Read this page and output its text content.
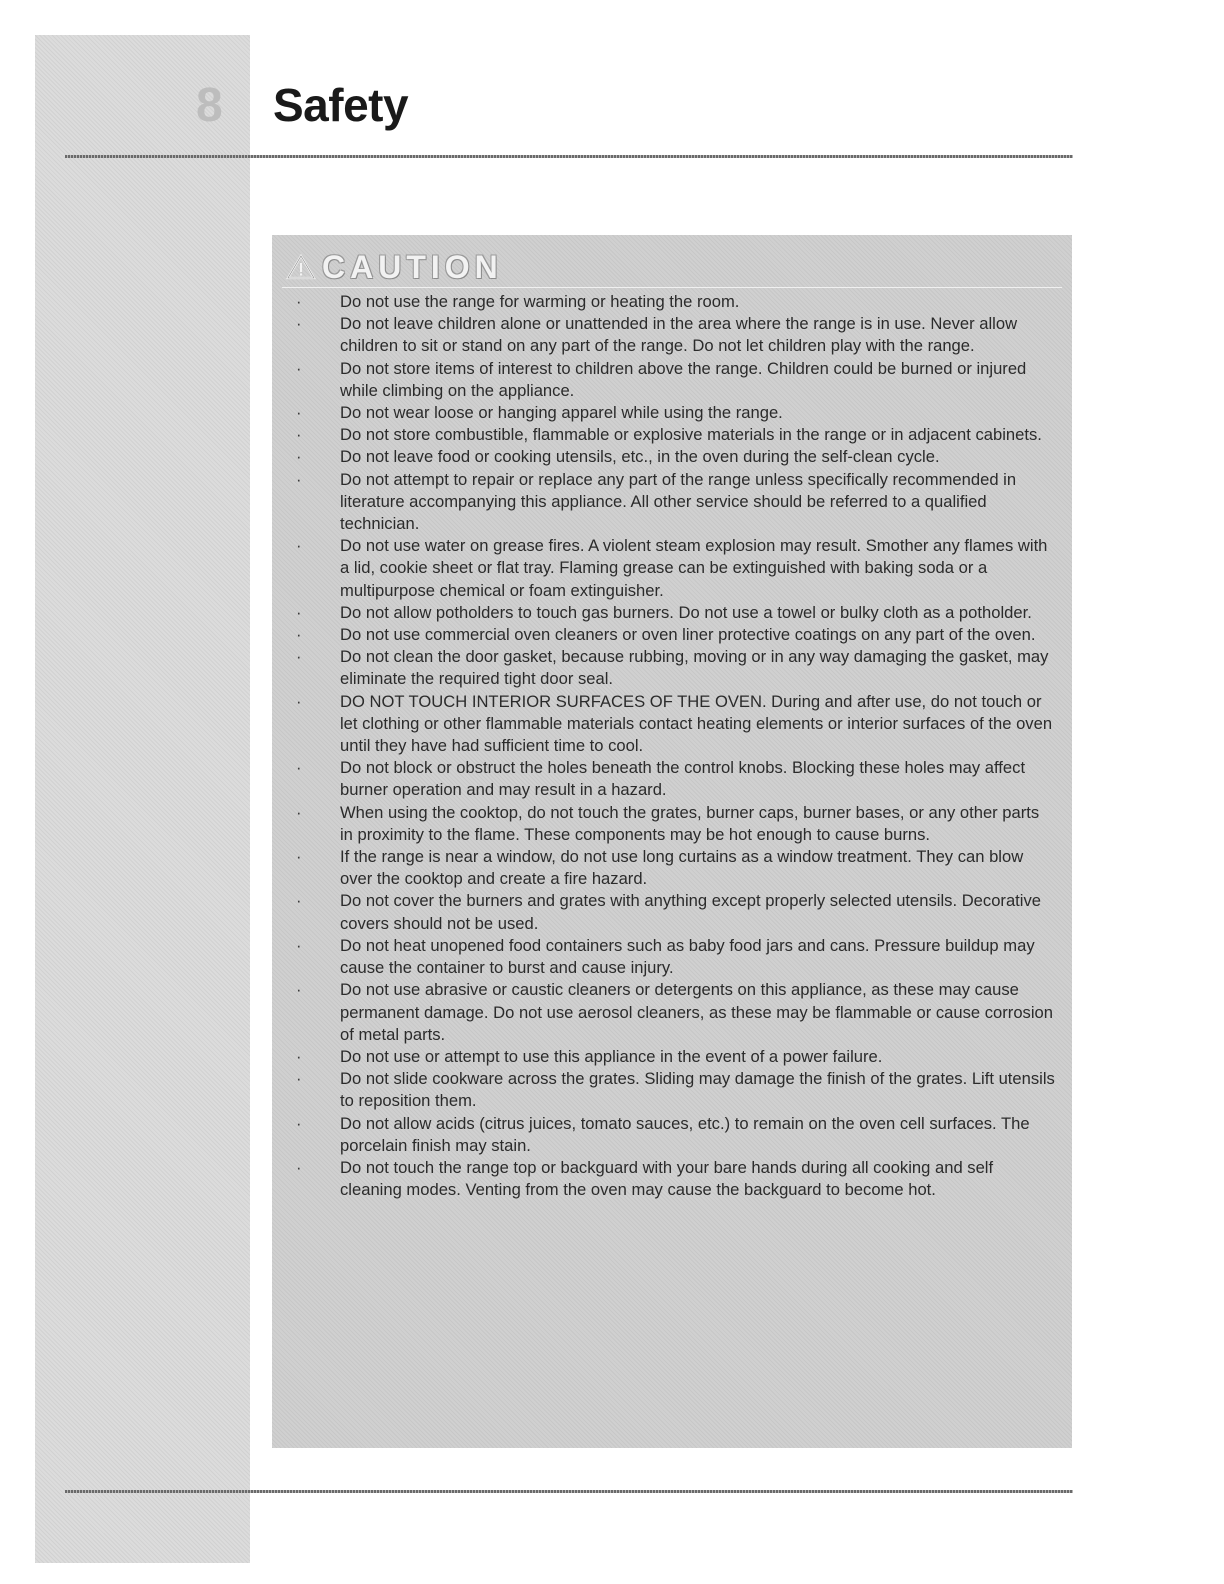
8 Safety
CAUTION
· Do not use the range for warming or heating the room.
· Do not leave children alone or unattended in the area where the range is in use. Never allow children to sit or stand on any part of the range. Do not let children play with the range.
· Do not store items of interest to children above the range. Children could be burned or injured while climbing on the appliance.
· Do not wear loose or hanging apparel while using the range.
· Do not store combustible, flammable or explosive materials in the range or in adjacent cabinets.
· Do not leave food or cooking utensils, etc., in the oven during the self-clean cycle.
· Do not attempt to repair or replace any part of the range unless specifically recommended in literature accompanying this appliance. All other service should be referred to a qualified technician.
· Do not use water on grease fires. A violent steam explosion may result. Smother any flames with a lid, cookie sheet or flat tray. Flaming grease can be extinguished with baking soda or a multipurpose chemical or foam extinguisher.
· Do not allow potholders to touch gas burners. Do not use a towel or bulky cloth as a potholder.
· Do not use commercial oven cleaners or oven liner protective coatings on any part of the oven.
· Do not clean the door gasket, because rubbing, moving or in any way damaging the gasket, may eliminate the required tight door seal.
· DO NOT TOUCH INTERIOR SURFACES OF THE OVEN. During and after use, do not touch or let clothing or other flammable materials contact heating elements or interior surfaces of the oven until they have had sufficient time to cool.
· Do not block or obstruct the holes beneath the control knobs. Blocking these holes may affect burner operation and may result in a hazard.
· When using the cooktop, do not touch the grates, burner caps, burner bases, or any other parts in proximity to the flame. These components may be hot enough to cause burns.
· If the range is near a window, do not use long curtains as a window treatment. They can blow over the cooktop and create a fire hazard.
· Do not cover the burners and grates with anything except properly selected utensils. Decorative covers should not be used.
· Do not heat unopened food containers such as baby food jars and cans. Pressure buildup may cause the container to burst and cause injury.
· Do not use abrasive or caustic cleaners or detergents on this appliance, as these may cause permanent damage. Do not use aerosol cleaners, as these may be flammable or cause corrosion of metal parts.
· Do not use or attempt to use this appliance in the event of a power failure.
· Do not slide cookware across the grates. Sliding may damage the finish of the grates. Lift utensils to reposition them.
· Do not allow acids (citrus juices, tomato sauces, etc.) to remain on the oven cell surfaces. The porcelain finish may stain.
· Do not touch the range top or backguard with your bare hands during all cooking and self cleaning modes. Venting from the oven may cause the backguard to become hot.
